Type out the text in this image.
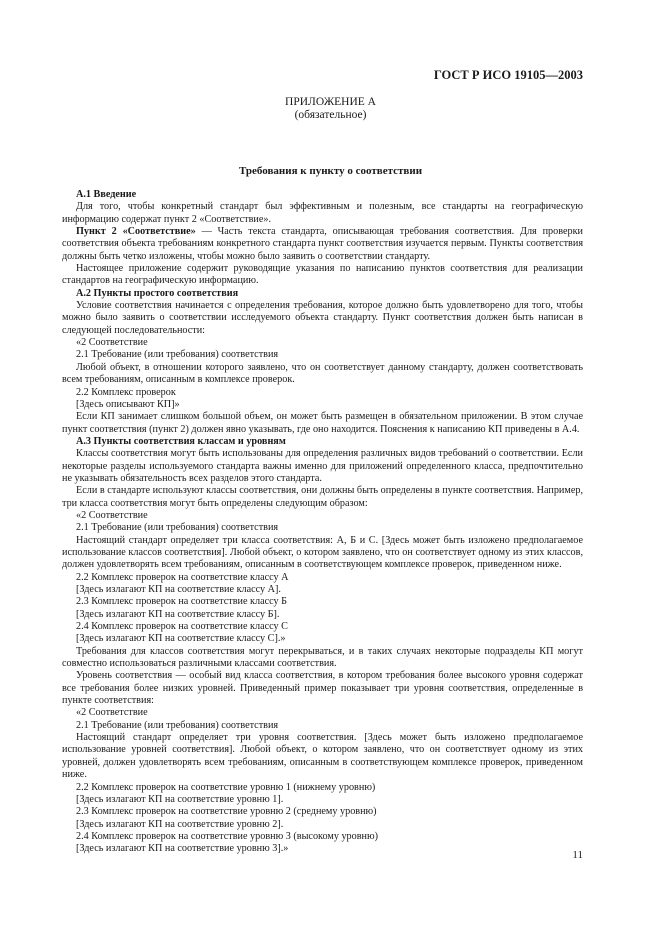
ГОСТ Р ИСО 19105—2003
ПРИЛОЖЕНИЕ А
(обязательное)
Требования к пункту о соответствии

А.1 Введение

Для того, чтобы конкретный стандарт был эффективным и полезным, все стандарты на географическую информацию содержат пункт 2 «Соответствие».

Пункт 2 «Соответствие» — Часть текста стандарта, описывающая требования соответствия. Для проверки соответствия объекта требованиям конкретного стандарта пункт соответствия изучается первым. Пункты соответствия должны быть четко изложены, чтобы можно было заявить о соответствии стандарту.

Настоящее приложение содержит руководящие указания по написанию пунктов соответствия для реализации стандартов на географическую информацию.

А.2 Пункты простого соответствия

Условие соответствия начинается с определения требования, которое должно быть удовлетворено для того, чтобы можно было заявить о соответствии исследуемого объекта стандарту. Пункт соответствия должен быть написан в следующей последовательности:

«2 Соответствие

2.1 Требование (или требования) соответствия

Любой объект, в отношении которого заявлено, что он соответствует данному стандарту, должен соответствовать всем требованиям, описанным в комплексе проверок.

2.2 Комплекс проверок

[Здесь описывают КП]»

Если КП занимает слишком большой объем, он может быть размещен в обязательном приложении. В этом случае пункт соответствия (пункт 2) должен явно указывать, где оно находится. Пояснения к написанию КП приведены в А.4.

А.3 Пункты соответствия классам и уровням

Классы соответствия могут быть использованы для определения различных видов требований о соответствии. Если некоторые разделы используемого стандарта важны именно для приложений определенного класса, предпочтительно не указывать обязательность всех разделов этого стандарта.

Если в стандарте используют классы соответствия, они должны быть определены в пункте соответствия. Например, три класса соответствия могут быть определены следующим образом:

«2 Соответствие

2.1 Требование (или требования) соответствия

Настоящий стандарт определяет три класса соответствия: А, Б и С. [Здесь может быть изложено предполагаемое использование классов соответствия]. Любой объект, о котором заявлено, что он соответствует одному из этих классов, должен удовлетворять всем требованиям, описанным в соответствующем комплексе проверок, приведенном ниже.

2.2 Комплекс проверок на соответствие классу А

[Здесь излагают КП на соответствие классу А].

2.3 Комплекс проверок на соответствие классу Б

[Здесь излагают КП на соответствие классу Б].

2.4 Комплекс проверок на соответствие классу С

[Здесь излагают КП на соответствие классу С].»

Требования для классов соответствия могут перекрываться, и в таких случаях некоторые подразделы КП могут совместно использоваться различными классами соответствия.

Уровень соответствия — особый вид класса соответствия, в котором требования более высокого уровня содержат все требования более низких уровней. Приведенный пример показывает три уровня соответствия, определенные в пункте соответствия:

«2 Соответствие

2.1 Требование (или требования) соответствия

Настоящий стандарт определяет три уровня соответствия. [Здесь может быть изложено предполагаемое использование уровней соответствия]. Любой объект, о котором заявлено, что он соответствует одному из этих уровней, должен удовлетворять всем требованиям, описанным в соответствующем комплексе проверок, приведенном ниже.

2.2 Комплекс проверок на соответствие уровню 1 (нижнему уровню)

[Здесь излагают КП на соответствие уровню 1].

2.3 Комплекс проверок на соответствие уровню 2 (среднему уровню)

[Здесь излагают КП на соответствие уровню 2].

2.4 Комплекс проверок на соответствие уровню 3 (высокому уровню)

[Здесь излагают КП на соответствие уровню 3].»

11
